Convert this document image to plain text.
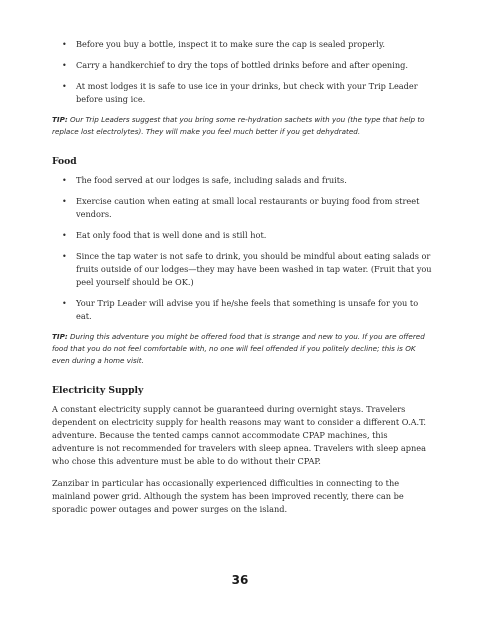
• Before you buy a bottle, inspect it to make sure the cap is sealed properly.
• Carry a handkerchief to dry the tops of bottled drinks before and after opening.
• At most lodges it is safe to use ice in your drinks, but check with your Trip Leader before using ice.

TIP: Our Trip Leaders suggest that you bring some re-hydration sachets with you (the type that help to replace lost electrolytes). They will make you feel much better if you get dehydrated.

Food
• The food served at our lodges is safe, including salads and fruits.
• Exercise caution when eating at small local restaurants or buying food from street vendors.
• Eat only food that is well done and is still hot.
• Since the tap water is not safe to drink, you should be mindful about eating salads or fruits outside of our lodges—they may have been washed in tap water. (Fruit that you peel yourself should be OK.)
• Your Trip Leader will advise you if he/she feels that something is unsafe for you to eat.

TIP: During this adventure you might be offered food that is strange and new to you. If you are offered food that you do not feel comfortable with, no one will feel offended if you politely decline; this is OK even during a home visit.

Electricity Supply

A constant electricity supply cannot be guaranteed during overnight stays. Travelers dependent on electricity supply for health reasons may want to consider a different O.A.T. adventure. Because the tented camps cannot accommodate CPAP machines, this adventure is not recommended for travelers with sleep apnea. Travelers with sleep apnea who chose this adventure must be able to do without their CPAP.

Zanzibar in particular has occasionally experienced difficulties in connecting to the mainland power grid. Although the system has been improved recently, there can be sporadic power outages and power surges on the island.

36
